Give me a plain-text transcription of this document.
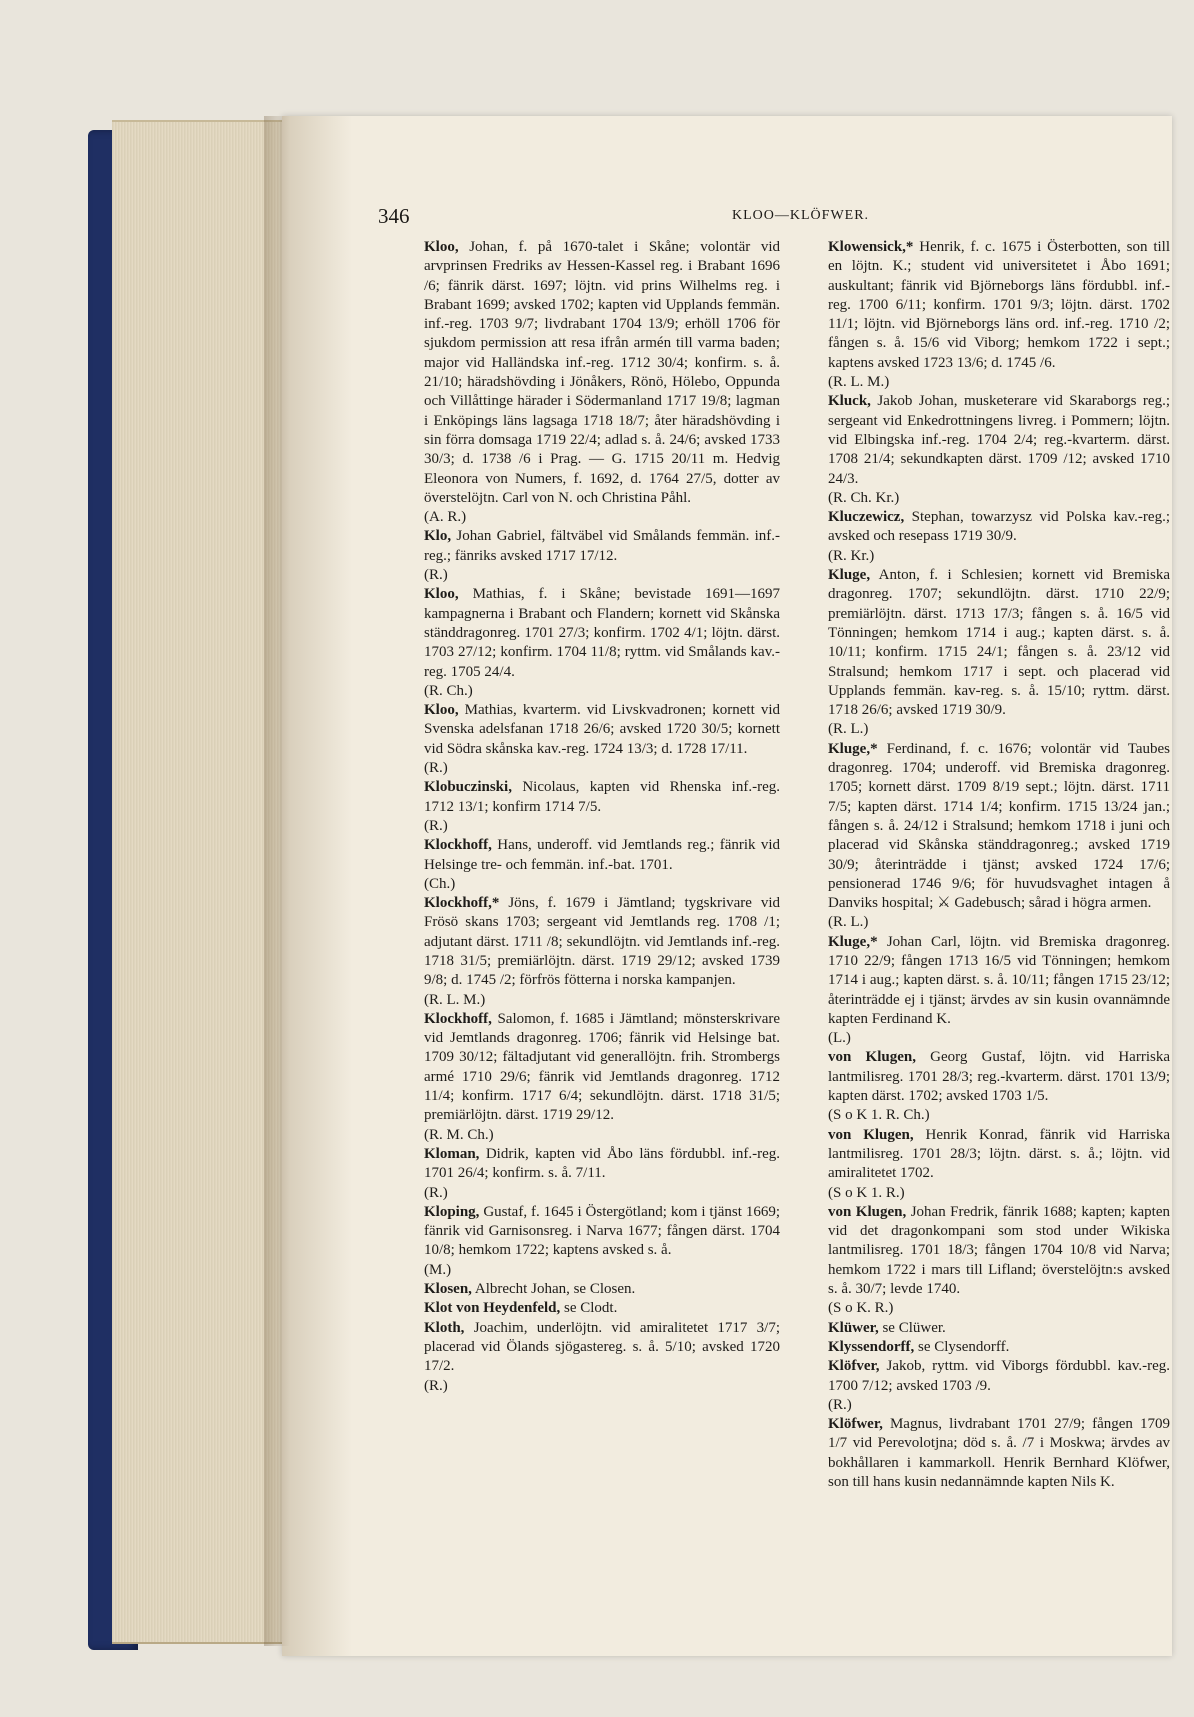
346	KLOO—KLÖFWER.
Kloo, Johan, f. på 1670-talet i Skåne; volontär vid arvprinsen Fredriks av Hessen-Kassel reg. i Brabant 1696 /6; fänrik därst. 1697; löjtn. vid prins Wilhelms reg. i Brabant 1699; avsked 1702; kapten vid Upplands femmän. inf.-reg. 1703 9/7; livdrabant 1704 13/9; erhöll 1706 för sjukdom permission att resa ifrån armén till varma baden; major vid Halländska inf.-reg. 1712 30/4; konfirm. s. å. 21/10; häradshövding i Jönåkers, Rönö, Hölebo, Oppunda och Villåttinge härader i Södermanland 1717 19/8; lagman i Enköpings läns lagsaga 1718 18/7; åter häradshövding i sin förra domsaga 1719 22/4; adlad s. å. 24/6; avsked 1733 30/3; d. 1738 /6 i Prag. — G. 1715 20/11 m. Hedvig Eleonora von Numers, f. 1692, d. 1764 27/5, dotter av överstelöjtn. Carl von N. och Christina Påhl.
(A. R.)
Klo, Johan Gabriel, fältväbel vid Smålands femmän. inf.-reg.; fänriks avsked 1717 17/12.
(R.)
Kloo, Mathias, f. i Skåne; bevistade 1691—1697 kampagnerna i Brabant och Flandern; kornett vid Skånska ständdragonreg. 1701 27/3; konfirm. 1702 4/1; löjtn. därst. 1703 27/12; konfirm. 1704 11/8; ryttm. vid Smålands kav.-reg. 1705 24/4.
(R. Ch.)
Kloo, Mathias, kvarterm. vid Livskvadronen; kornett vid Svenska adelsfanan 1718 26/6; avsked 1720 30/5; kornett vid Södra skånska kav.-reg. 1724 13/3; d. 1728 17/11.
(R.)
Klobuczinski, Nicolaus, kapten vid Rhenska inf.-reg. 1712 13/1; konfirm 1714 7/5.
(R.)
Klockhoff, Hans, underoff. vid Jemtlands reg.; fänrik vid Helsinge tre- och femmän. inf.-bat. 1701.
(Ch.)
Klockhoff,* Jöns, f. 1679 i Jämtland; tygskrivare vid Frösö skans 1703; sergeant vid Jemtlands reg. 1708 /1; adjutant därst. 1711 /8; sekundlöjtn. vid Jemtlands inf.-reg. 1718 31/5; premiärlöjtn. därst. 1719 29/12; avsked 1739 9/8; d. 1745 /2; förfrös fötterna i norska kampanjen.
(R. L. M.)
Klockhoff, Salomon, f. 1685 i Jämtland; mönsterskrivare vid Jemtlands dragonreg. 1706; fänrik vid Helsinge bat. 1709 30/12; fältadjutant vid generallöjtn. frih. Strombergs armé 1710 29/6; fänrik vid Jemtlands dragonreg. 1712 11/4; konfirm. 1717 6/4; sekundlöjtn. därst. 1718 31/5; premiärlöjtn. därst. 1719 29/12.
(R. M. Ch.)
Kloman, Didrik, kapten vid Åbo läns fördubbl. inf.-reg. 1701 26/4; konfirm. s. å. 7/11.
(R.)
Kloping, Gustaf, f. 1645 i Östergötland; kom i tjänst 1669; fänrik vid Garnisonsreg. i Narva 1677; fången därst. 1704 10/8; hemkom 1722; kaptens avsked s. å.
(M.)
Klosen, Albrecht Johan, se Closen.
Klot von Heydenfeld, se Clodt.
Kloth, Joachim, underlöjtn. vid amiralitetet 1717 3/7; placerad vid Ölands sjögastereg. s. å. 5/10; avsked 1720 17/2.
(R.)
Klowensick,* Henrik, f. c. 1675 i Österbotten, son till en löjtn. K.; student vid universitetet i Åbo 1691; auskultant; fänrik vid Björneborgs läns fördubbl. inf.-reg. 1700 6/11; konfirm. 1701 9/3; löjtn. därst. 1702 11/1; löjtn. vid Björneborgs läns ord. inf.-reg. 1710 /2; fången s. å. 15/6 vid Viborg; hemkom 1722 i sept.; kaptens avsked 1723 13/6; d. 1745 /6.
(R. L. M.)
Kluck, Jakob Johan, musketerare vid Skaraborgs reg.; sergeant vid Enkedrottningens livreg. i Pommern; löjtn. vid Elbingska inf.-reg. 1704 2/4; reg.-kvarterm. därst. 1708 21/4; sekundkapten därst. 1709 /12; avsked 1710 24/3.
(R. Ch. Kr.)
Kluczewicz, Stephan, towarzysz vid Polska kav.-reg.; avsked och resepass 1719 30/9.
(R. Kr.)
Kluge, Anton, f. i Schlesien; kornett vid Bremiska dragonreg. 1707; sekundlöjtn. därst. 1710 22/9; premiärlöjtn. därst. 1713 17/3; fången s. å. 16/5 vid Tönningen; hemkom 1714 i aug.; kapten därst. s. å. 10/11; konfirm. 1715 24/1; fången s. å. 23/12 vid Stralsund; hemkom 1717 i sept. och placerad vid Upplands femmän. kav-reg. s. å. 15/10; ryttm. därst. 1718 26/6; avsked 1719 30/9.
(R. L.)
Kluge,* Ferdinand, f. c. 1676; volontär vid Taubes dragonreg. 1704; underoff. vid Bremiska dragonreg. 1705; kornett därst. 1709 8/19 sept.; löjtn. därst. 1711 7/5; kapten därst. 1714 1/4; konfirm. 1715 13/24 jan.; fången s. å. 24/12 i Stralsund; hemkom 1718 i juni och placerad vid Skånska ständdragonreg.; avsked 1719 30/9; återinträdde i tjänst; avsked 1724 17/6; pensionerad 1746 9/6; för huvudsvaghet intagen å Danviks hospital; ⚔ Gadebusch; sårad i högra armen.
(R. L.)
Kluge,* Johan Carl, löjtn. vid Bremiska dragonreg. 1710 22/9; fången 1713 16/5 vid Tönningen; hemkom 1714 i aug.; kapten därst. s. å. 10/11; fången 1715 23/12; återinträdde ej i tjänst; ärvdes av sin kusin ovannämnde kapten Ferdinand K.
(L.)
von Klugen, Georg Gustaf, löjtn. vid Harriska lantmilisreg. 1701 28/3; reg.-kvarterm. därst. 1701 13/9; kapten därst. 1702; avsked 1703 1/5.
(S o K 1. R. Ch.)
von Klugen, Henrik Konrad, fänrik vid Harriska lantmilisreg. 1701 28/3; löjtn. därst. s. å.; löjtn. vid amiralitetet 1702.
(S o K 1. R.)
von Klugen, Johan Fredrik, fänrik 1688; kapten; kapten vid det dragonkompani som stod under Wikiska lantmilisreg. 1701 18/3; fången 1704 10/8 vid Narva; hemkom 1722 i mars till Lifland; överstelöjtn:s avsked s. å. 30/7; levde 1740.
(S o K. R.)
Klüwer, se Clüwer.
Klyssendorff, se Clysendorff.
Klöfver, Jakob, ryttm. vid Viborgs fördubbl. kav.-reg. 1700 7/12; avsked 1703 /9.
(R.)
Klöfwer, Magnus, livdrabant 1701 27/9; fången 1709 1/7 vid Perevolotjna; död s. å. /7 i Moskwa; ärvdes av bokhållaren i kammarkoll. Henrik Bernhard Klöfwer, son till hans kusin nedannämnde kapten Nils K.
